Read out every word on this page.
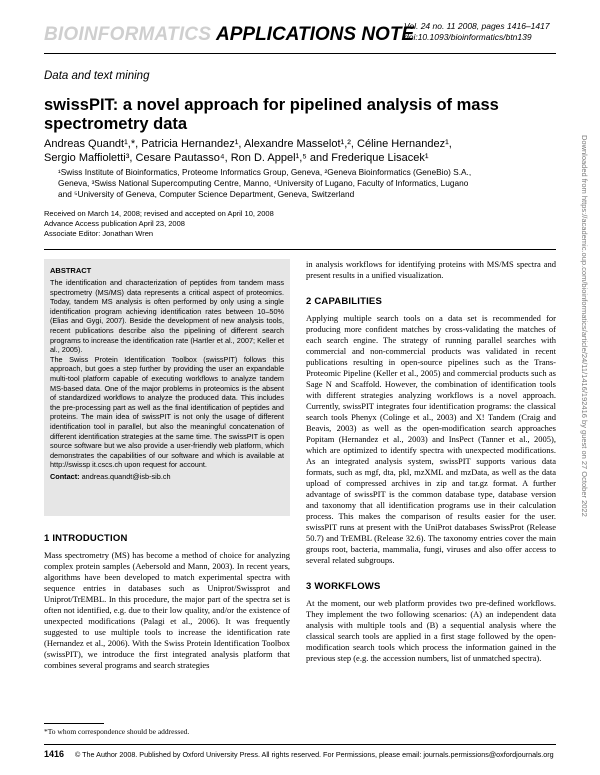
BIOINFORMATICS APPLICATIONS NOTE
Vol. 24 no. 11 2008, pages 1416–1417
doi:10.1093/bioinformatics/btn139
Data and text mining
swissPIT: a novel approach for pipelined analysis of mass spectrometry data
Andreas Quandt¹,*, Patricia Hernandez¹, Alexandre Masselot¹,², Céline Hernandez¹,
Sergio Maffioletti³, Cesare Pautasso⁴, Ron D. Appel¹,⁵ and Frederique Lisacek¹
¹Swiss Institute of Bioinformatics, Proteome Informatics Group, Geneva, ²Geneva Bioinformatics (GeneBio) S.A.,
Geneva, ³Swiss National Supercomputing Centre, Manno, ⁴University of Lugano, Faculty of Informatics, Lugano
and ⁵University of Geneva, Computer Science Department, Geneva, Switzerland
Received on March 14, 2008; revised and accepted on April 10, 2008
Advance Access publication April 23, 2008
Associate Editor: Jonathan Wren
ABSTRACT

The identification and characterization of peptides from tandem mass spectrometry (MS/MS) data represents a critical aspect of proteomics. Today, tandem MS analysis is often performed by only using a single identification program achieving identification rates between 10–50% (Elias and Gygi, 2007). Beside the development of new analysis tools, recent publications describe also the pipelining of different search programs to increase the identification rate (Hartler et al., 2007; Keller et al., 2005).

The Swiss Protein Identification Toolbox (swissPIT) follows this approach, but goes a step further by providing the user an expandable multi-tool platform capable of executing workflows to analyze tandem MS-based data. One of the major problems in proteomics is the absent of standardized workflows to analyze the produced data. This includes the pre-processing part as well as the final identification of peptides and proteins. The main idea of swissPIT is not only the usage of different identification tool in parallel, but also the meaningful concatenation of different identification strategies at the same time. The swissPIT is open source software but we also provide a user-friendly web platform, which demonstrates the capabilities of our software and which is available at http://swissp it.cscs.ch upon request for account.

Contact: andreas.quandt@isb-sib.ch
1 INTRODUCTION

Mass spectrometry (MS) has become a method of choice for analyzing complex protein samples (Aebersold and Mann, 2003). In recent years, algorithms have been developed to match experimental spectra with sequence entries in databases such as Uniprot/Swissprot and Uniprot/TrEMBL. In this procedure, the major part of the spectra set is often not identified, e.g. due to their low quality, and/or the existence of unexpected modifications (Palagi et al., 2006). It was frequently suggested to use multiple tools to increase the identification rate (Hernandez et al., 2006). With the Swiss Protein Identification Toolbox (swissPIT), we introduce the first integrated analysis platform that combines several programs and search strategies

in analysis workflows for identifying proteins with MS/MS spectra and present results in a unified visualization.

2 CAPABILITIES

Applying multiple search tools on a data set is recommended for producing more confident matches by cross-validating the matches of each search engine. The strategy of running parallel searches with commercial and non-commercial products was validated in recent publications resulting in open-source pipelines such as the Trans-Proteomic Pipeline (Keller et al., 2005) and commercial products such as Sage N and Scaffold. However, the combination of identification tools with different strategies analyzing workflows is a novel approach. Currently, swissPIT integrates four identification programs: the classical search tools Phenyx (Colinge et al., 2003) and X! Tandem (Craig and Beavis, 2003) as well as the open-modification search approaches Popitam (Hernandez et al., 2003) and InsPect (Tanner et al., 2005), which are optimized to identify spectra with unexpected modifications. As an integrated analysis system, swissPIT supports various data formats, such as mgf, dta, pkl, mzXML and mzData, as well as the data upload of compressed archives in zip and tar.gz format. A further advantage of swissPIT is the common database type, database version and taxonomy that all identification programs use in their calculation process. This makes the comparison of results easier for the user. swissPIT runs at present with the UniProt databases SwissProt (Release 50.7) and TrEMBL (Release 32.6). The taxonomy entries cover the main groups root, bacteria, mammalia, fungi, viruses and also offer access to several related subgroups.

3 WORKFLOWS

At the moment, our web platform provides two pre-defined workflows. They implement the two following scenarios: (A) an independent data analysis with multiple tools and (B) a sequential analysis where the classical search tools are applied in a first stage followed by the open-modification search tools which process the information gained in the previous step (e.g. the accession numbers, list of unmatched spectra).

*To whom correspondence should be addressed.
1416 © The Author 2008. Published by Oxford University Press. All rights reserved. For Permissions, please email: journals.permissions@oxfordjournals.org
Downloaded from https://academic.oup.com/bioinformatics/article/24/11/1416/192416 by guest on 27 October 2022
